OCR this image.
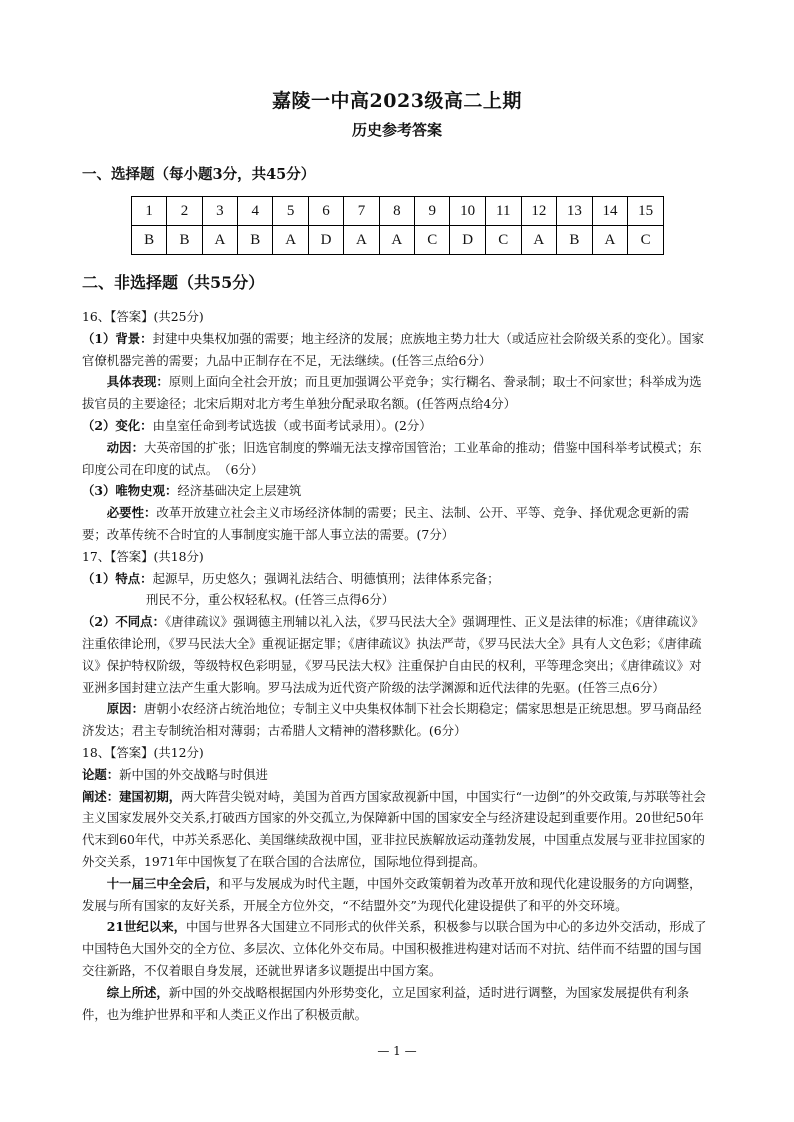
嘉陵一中高2023级高二上期
历史参考答案
一、选择题（每小题3分，共45分）
1	2	3	4	5	6	7	8	9	10	11	12	13	14	15
B	B	A	B	A	D	A	A	C	D	C	A	B	A	C
二、非选择题（共55分）

16、【答案】(共25分)

（1）背景：封建中央集权加强的需要；地主经济的发展；庶族地主势力壮大（或适应社会阶级关系的变化）。国家官僚机器完善的需要；九品中正制存在不足，无法继续。(任答三点给6分）

具体表现：原则上面向全社会开放；而且更加强调公平竞争；实行糊名、誊录制；取士不问家世；科举成为选拔官员的主要途径；北宋后期对北方考生单独分配录取名额。(任答两点给4分）

（2）变化：由皇室任命到考试选拔（或书面考试录用）。(2分）

动因：大英帝国的扩张；旧选官制度的弊端无法支撑帝国管治；工业革命的推动；借鉴中国科举考试模式；东印度公司在印度的试点。　（6分）

（3）唯物史观：经济基础决定上层建筑

必要性：改革开放建立社会主义市场经济体制的需要；民主、法制、公开、平等、竞争、择优观念更新的需要；改革传统不合时宜的人事制度实施干部人事立法的需要。(7分）

17、【答案】(共18分)

（1）特点：起源早，历史悠久；强调礼法结合、明德慎刑；法律体系完备；

刑民不分，重公权轻私权。(任答三点得6分）

（2）不同点：《唐律疏议》强调德主刑辅以礼入法，《罗马民法大全》强调理性、正义是法律的标准；《唐律疏议》注重依律论刑，《罗马民法大全》重视证据定罪；《唐律疏议》执法严苛，《罗马民法大全》具有人文色彩；《唐律疏议》保护特权阶级，等级特权色彩明显，《罗马民法大权》注重保护自由民的权利，平等理念突出；《唐律疏议》对亚洲多国封建立法产生重大影响。罗马法成为近代资产阶级的法学渊源和近代法律的先驱。(任答三点6分）

原因：唐朝小农经济占统治地位；专制主义中央集权体制下社会长期稳定；儒家思想是正统思想。罗马商品经济发达；君主专制统治相对薄弱；古希腊人文精神的潜移默化。(6分）

18、【答案】(共12分)

论题：新中国的外交战略与时俱进

阐述：建国初期，两大阵营尖锐对峙，美国为首西方国家敌视新中国，中国实行“一边倒”的外交政策,与苏联等社会主义国家发展外交关系,打破西方国家的外交孤立,为保障新中国的国家安全与经济建设起到重要作用。20世纪50年代末到60年代，中苏关系恶化、美国继续敌视中国，亚非拉民族解放运动蓬勃发展，中国重点发展与亚非拉国家的外交关系，1971年中国恢复了在联合国的合法席位，国际地位得到提高。

十一届三中全会后，和平与发展成为时代主题，中国外交政策朝着为改革开放和现代化建设服务的方向调整，发展与所有国家的友好关系，开展全方位外交，“不结盟外交”为现代化建设提供了和平的外交环境。

21世纪以来，中国与世界各大国建立不同形式的伙伴关系，积极参与以联合国为中心的多边外交活动，形成了中国特色大国外交的全方位、多层次、立体化外交布局。中国积极推进构建对话而不对抗、结伴而不结盟的国与国交往新路，不仅着眼自身发展，还就世界诸多议题提出中国方案。

综上所述，新中国的外交战略根据国内外形势变化，立足国家利益，适时进行调整，为国家发展提供有利条件，也为维护世界和平和人类正义作出了积极贡献。

— 1 —
